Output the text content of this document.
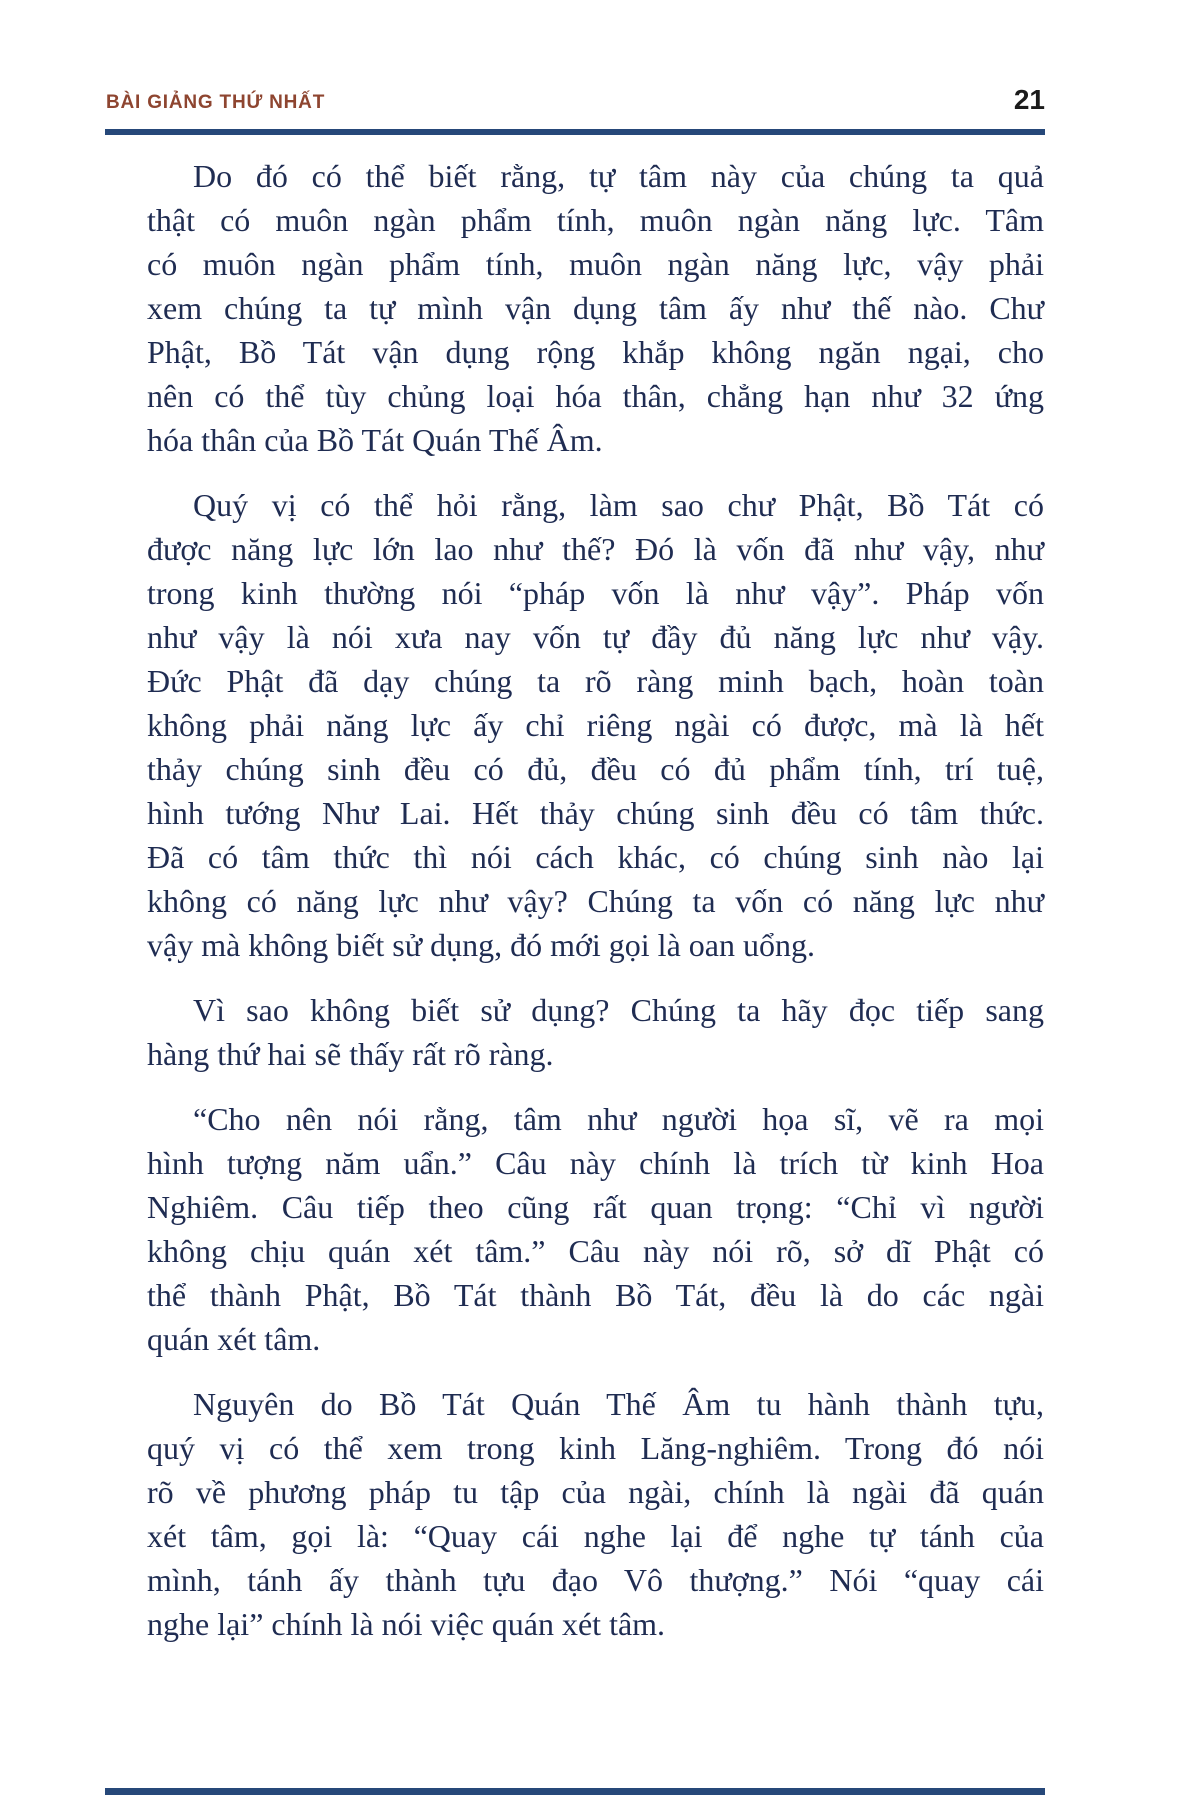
BÀI GIẢNG THỨ NHẤT	21
Do đó có thể biết rằng, tự tâm này của chúng ta quả
thật có muôn ngàn phẩm tính, muôn ngàn năng lực. Tâm
có muôn ngàn phẩm tính, muôn ngàn năng lực, vậy phải
xem chúng ta tự mình vận dụng tâm ấy như thế nào. Chư
Phật, Bồ Tát vận dụng rộng khắp không ngăn ngại, cho
nên có thể tùy chủng loại hóa thân, chẳng hạn như 32 ứng
hóa thân của Bồ Tát Quán Thế Âm.
Quý vị có thể hỏi rằng, làm sao chư Phật, Bồ Tát có
được năng lực lớn lao như thế? Đó là vốn đã như vậy, như
trong kinh thường nói “pháp vốn là như vậy”. Pháp vốn
như vậy là nói xưa nay vốn tự đầy đủ năng lực như vậy.
Đức Phật đã dạy chúng ta rõ ràng minh bạch, hoàn toàn
không phải năng lực ấy chỉ riêng ngài có được, mà là hết
thảy chúng sinh đều có đủ, đều có đủ phẩm tính, trí tuệ,
hình tướng Như Lai. Hết thảy chúng sinh đều có tâm thức.
Đã có tâm thức thì nói cách khác, có chúng sinh nào lại
không có năng lực như vậy? Chúng ta vốn có năng lực như
vậy mà không biết sử dụng, đó mới gọi là oan uổng.
Vì sao không biết sử dụng? Chúng ta hãy đọc tiếp sang
hàng thứ hai sẽ thấy rất rõ ràng.
“Cho nên nói rằng, tâm như người họa sĩ, vẽ ra mọi
hình tượng năm uẩn.” Câu này chính là trích từ kinh Hoa
Nghiêm. Câu tiếp theo cũng rất quan trọng: “Chỉ vì người
không chịu quán xét tâm.” Câu này nói rõ, sở dĩ Phật có
thể thành Phật, Bồ Tát thành Bồ Tát, đều là do các ngài
quán xét tâm.
Nguyên do Bồ Tát Quán Thế Âm tu hành thành tựu,
quý vị có thể xem trong kinh Lăng-nghiêm. Trong đó nói
rõ về phương pháp tu tập của ngài, chính là ngài đã quán
xét tâm, gọi là: “Quay cái nghe lại để nghe tự tánh của
mình, tánh ấy thành tựu đạo Vô thượng.” Nói “quay cái
nghe lại” chính là nói việc quán xét tâm.
